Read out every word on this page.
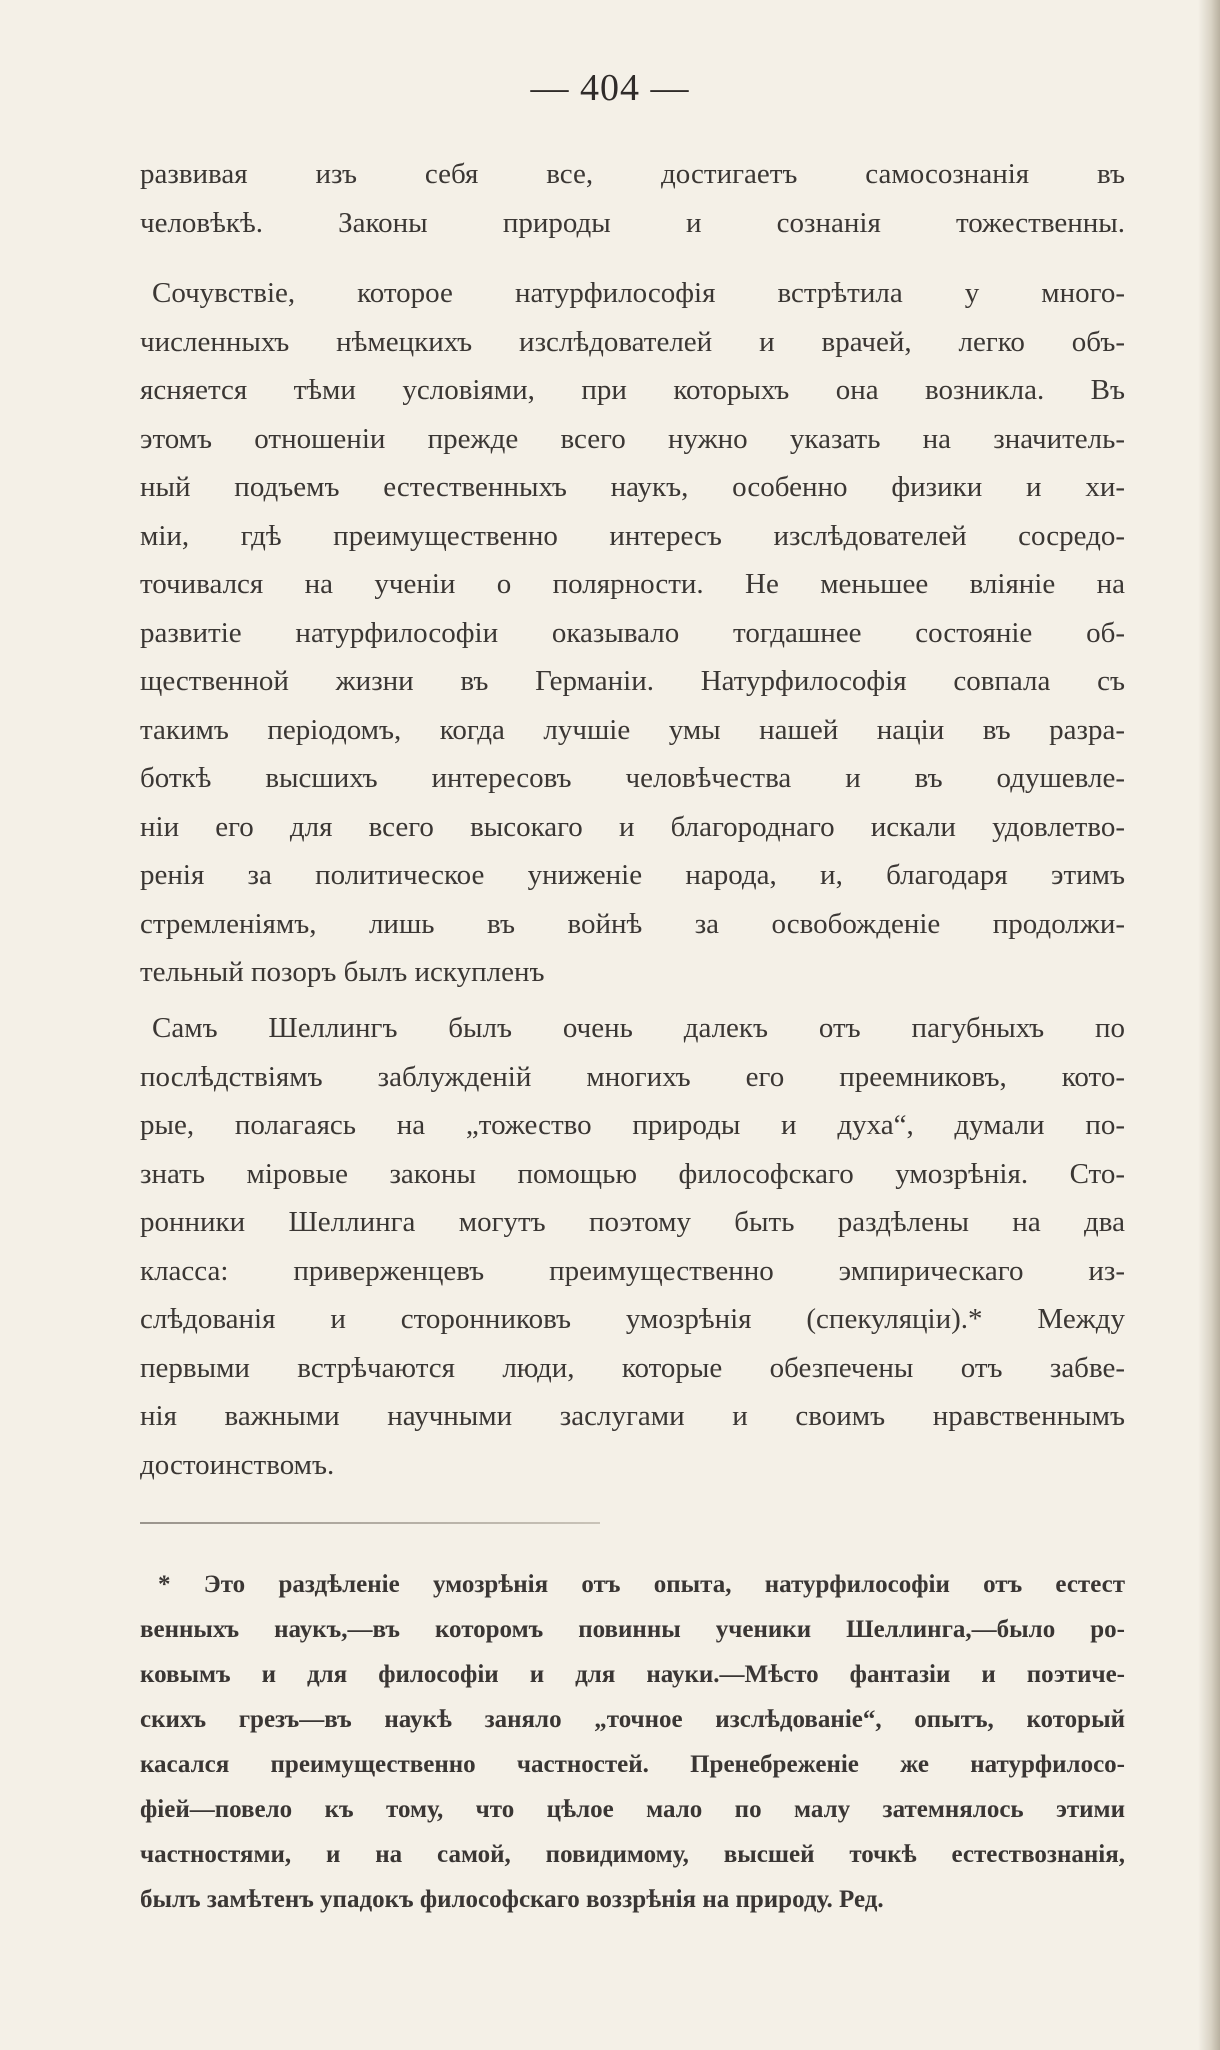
— 404 —
развивая изъ себя все, достигаетъ самосознанія въ
человѣкѣ. Законы природы и сознанія тожественны.
Сочувствіе, которое натурфилософія встрѣтила у много-
численныхъ нѣмецкихъ изслѣдователей и врачей, легко объ-
ясняется тѣми условіями, при которыхъ она возникла. Въ
этомъ отношеніи прежде всего нужно указать на значитель-
ный подъемъ естественныхъ наукъ, особенно физики и хи-
міи, гдѣ преимущественно интересъ изслѣдователей сосредо-
точивался на ученіи о полярности. Не меньшее вліяніе на
развитіе натурфилософіи оказывало тогдашнее состояніе об-
щественной жизни въ Германіи. Натурфилософія совпала съ
такимъ періодомъ, когда лучшіе умы нашей націи въ разра-
боткѣ высшихъ интересовъ человѣчества и въ одушевле-
ніи его для всего высокаго и благороднаго искали удовлетво-
ренія за политическое униженіе народа, и, благодаря этимъ
стремленіямъ, лишь въ войнѣ за освобожденіе продолжи-
тельный позоръ былъ искупленъ
Самъ Шеллингъ былъ очень далекъ отъ пагубныхъ по
послѣдствіямъ заблужденій многихъ его преемниковъ, кото-
рые, полагаясь на „тожество природы и духа“, думали по-
знать міровые законы помощью философскаго умозрѣнія. Сто-
ронники Шеллинга могутъ поэтому быть раздѣлены на два
класса: приверженцевъ преимущественно эмпирическаго из-
слѣдованія и сторонниковъ умозрѣнія (спекуляціи).* Между
первыми встрѣчаются люди, которые обезпечены отъ забве-
нія важными научными заслугами и своимъ нравственнымъ
достоинствомъ.
* Это раздѣленіе умозрѣнія отъ опыта, натурфилософіи отъ естест
венныхъ наукъ,—въ которомъ повинны ученики Шеллинга,—было ро-
ковымъ и для философіи и для науки.—Мѣсто фантазіи и поэтиче-
скихъ грезъ—въ наукѣ заняло „точное изслѣдованіе“, опытъ, который
касался преимущественно частностей. Пренебреженіе же натурфилосо-
фіей—повело къ тому, что цѣлое мало по малу затемнялось этими
частностями, и на самой, повидимому, высшей точкѣ естествознанія,
былъ замѣтенъ упадокъ философскаго воззрѣнія на природу. Ред.
